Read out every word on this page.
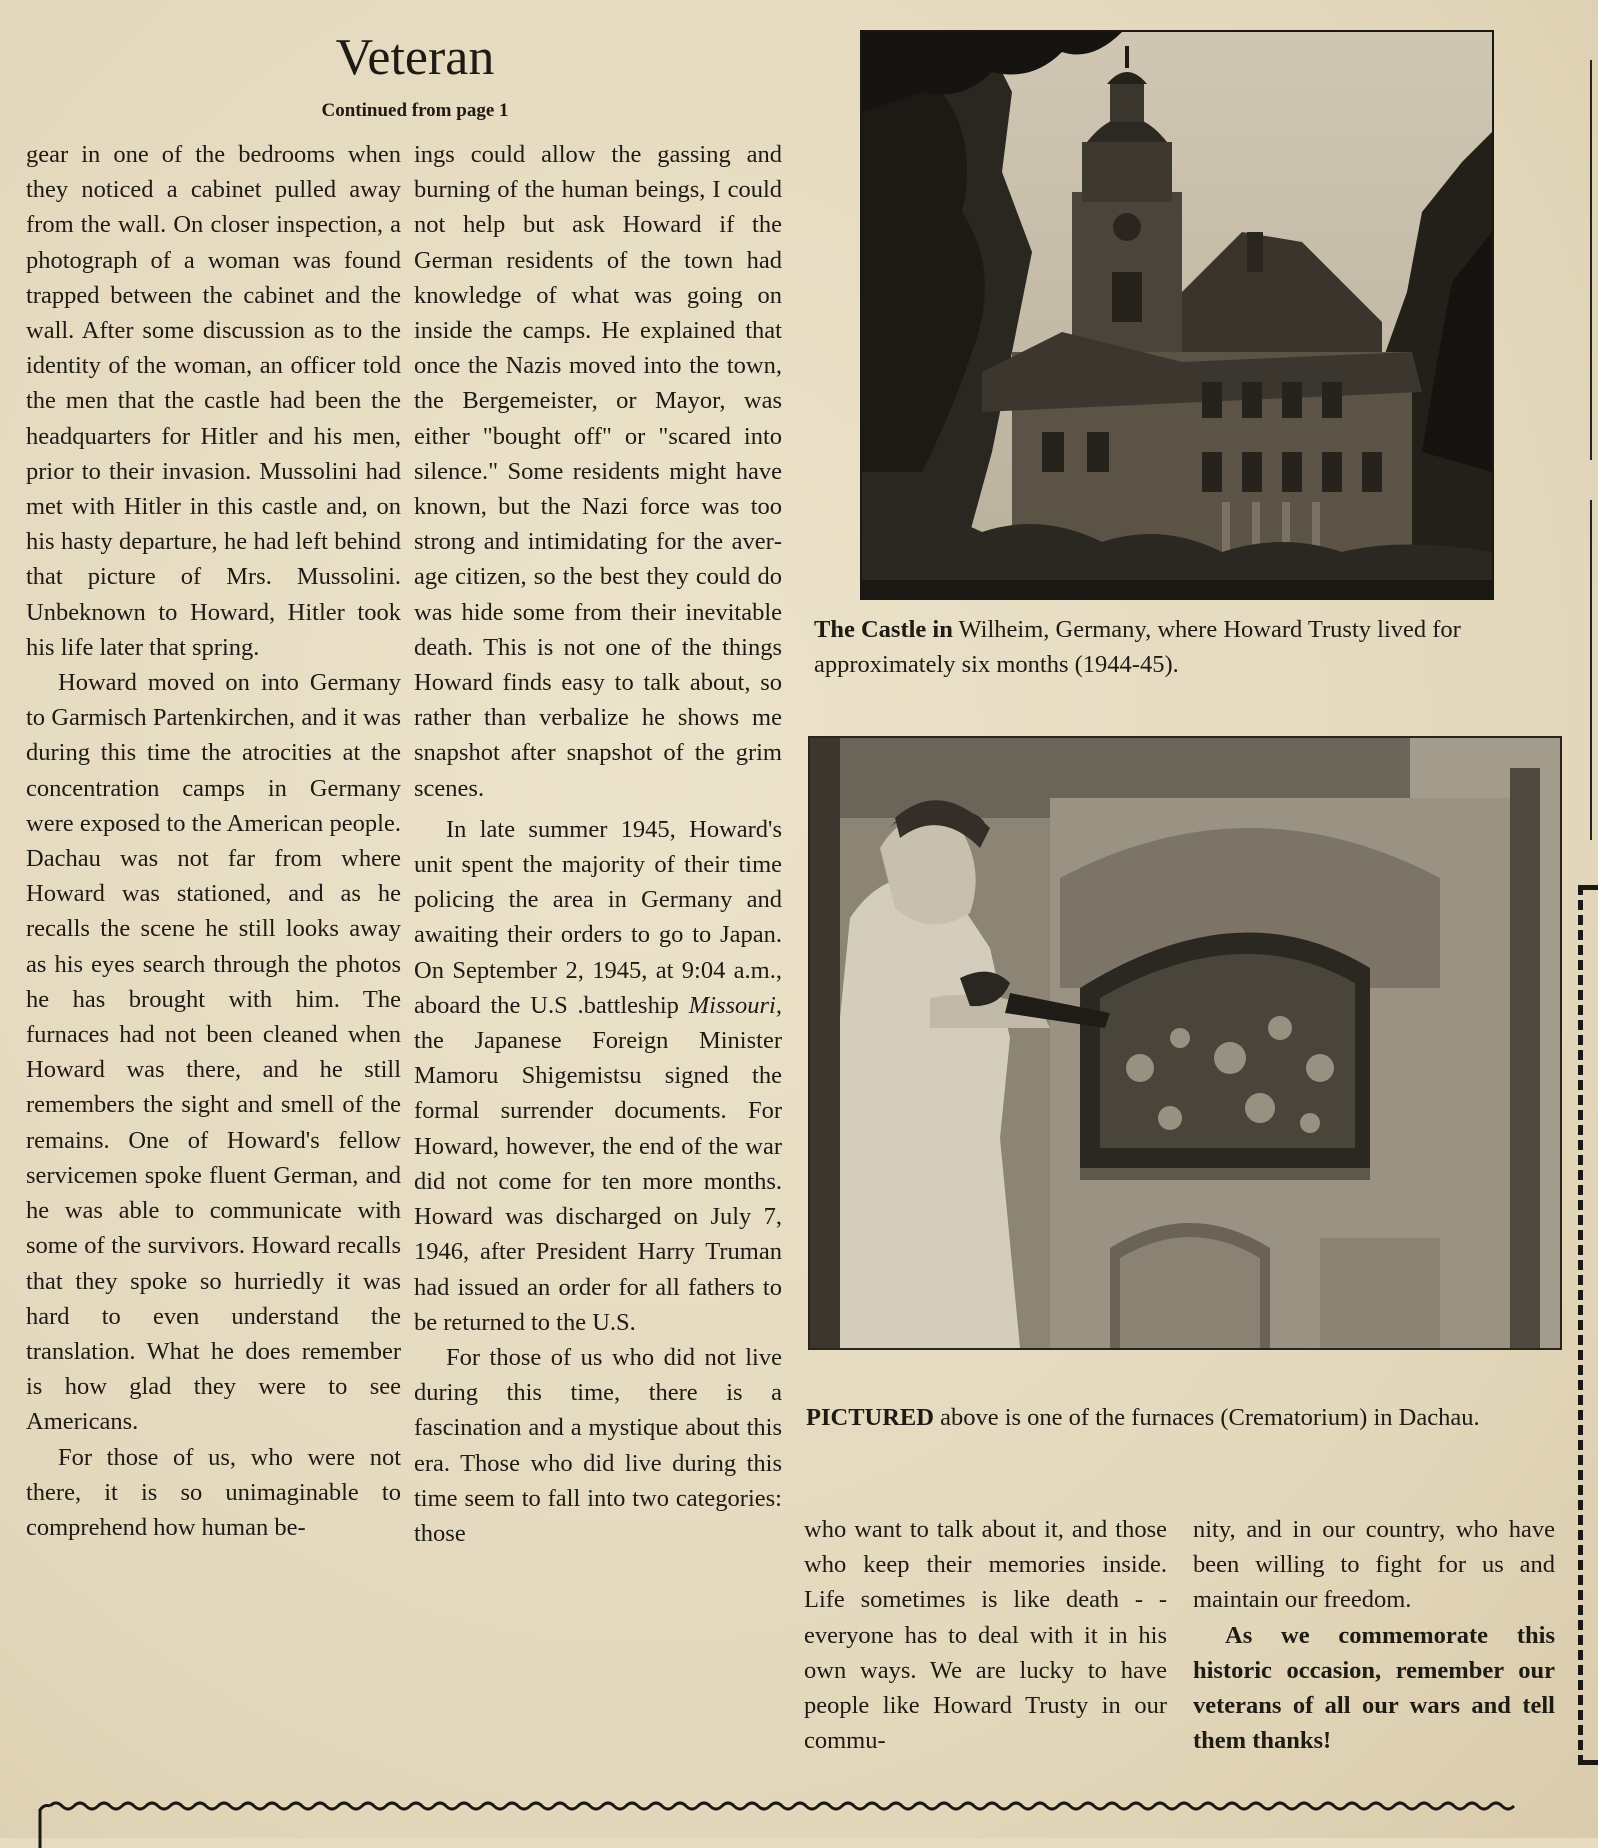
Veteran
Continued from page 1

gear in one of the bedrooms when they noticed a cabinet pulled away from the wall. On closer inspection, a photograph of a woman was found trapped between the cabinet and the wall. After some discussion as to the identity of the woman, an officer told the men that the castle had been the headquarters for Hitler and his men, prior to their invasion. Mussolini had met with Hitler in this castle and, on his hasty departure, he had left behind that picture of Mrs. Mussolini. Unbeknown to Howard, Hitler took his life later that spring.

Howard moved on into Germany to Garmisch Partenkirchen, and it was during this time the atrocities at the concentration camps in Germany were exposed to the American people. Dachau was not far from where Howard was stationed, and as he recalls the scene he still looks away as his eyes search through the photos he has brought with him. The furnaces had not been cleaned when Howard was there, and he still remembers the sight and smell of the remains. One of Howard's fellow servicemen spoke fluent German, and he was able to communicate with some of the survivors. Howard recalls that they spoke so hurriedly it was hard to even understand the translation. What he does remember is how glad they were to see Americans.

For those of us, who were not there, it is so unimaginable to comprehend how human be-

ings could allow the gassing and burning of the human beings, I could not help but ask Howard if the German residents of the town had knowledge of what was going on inside the camps. He explained that once the Nazis moved into the town, the Bergemeister, or Mayor, was either "bought off" or "scared into silence." Some residents might have known, but the Nazi force was too strong and intimidating for the average citizen, so the best they could do was hide some from their inevitable death. This is not one of the things Howard finds easy to talk about, so rather than verbalize he shows me snapshot after snapshot of the grim scenes.

In late summer 1945, Howard's unit spent the majority of their time policing the area in Germany and awaiting their orders to go to Japan. On September 2, 1945, at 9:04 a.m., aboard the U.S .battleship Missouri, the Japanese Foreign Minister Mamoru Shigemistsu signed the formal surrender documents. For Howard, however, the end of the war did not come for ten more months. Howard was discharged on July 7, 1946, after President Harry Truman had issued an order for all fathers to be returned to the U.S.

For those of us who did not live during this time, there is a fascination and a mystique about this era. Those who did live during this time seem to fall into two categories: those

The Castle in Wilheim, Germany, where Howard Trusty lived for approximately six months (1944-45).
PICTURED above is one of the furnaces (Crematorium) in Dachau.

who want to talk about it, and those who keep their memories inside. Life sometimes is like death - - everyone has to deal with it in his own ways. We are lucky to have people like Howard Trusty in our commu-

nity, and in our country, who have been willing to fight for us and maintain our freedom.

As we commemorate this historic occasion, remember our veterans of all our wars and tell them thanks!
